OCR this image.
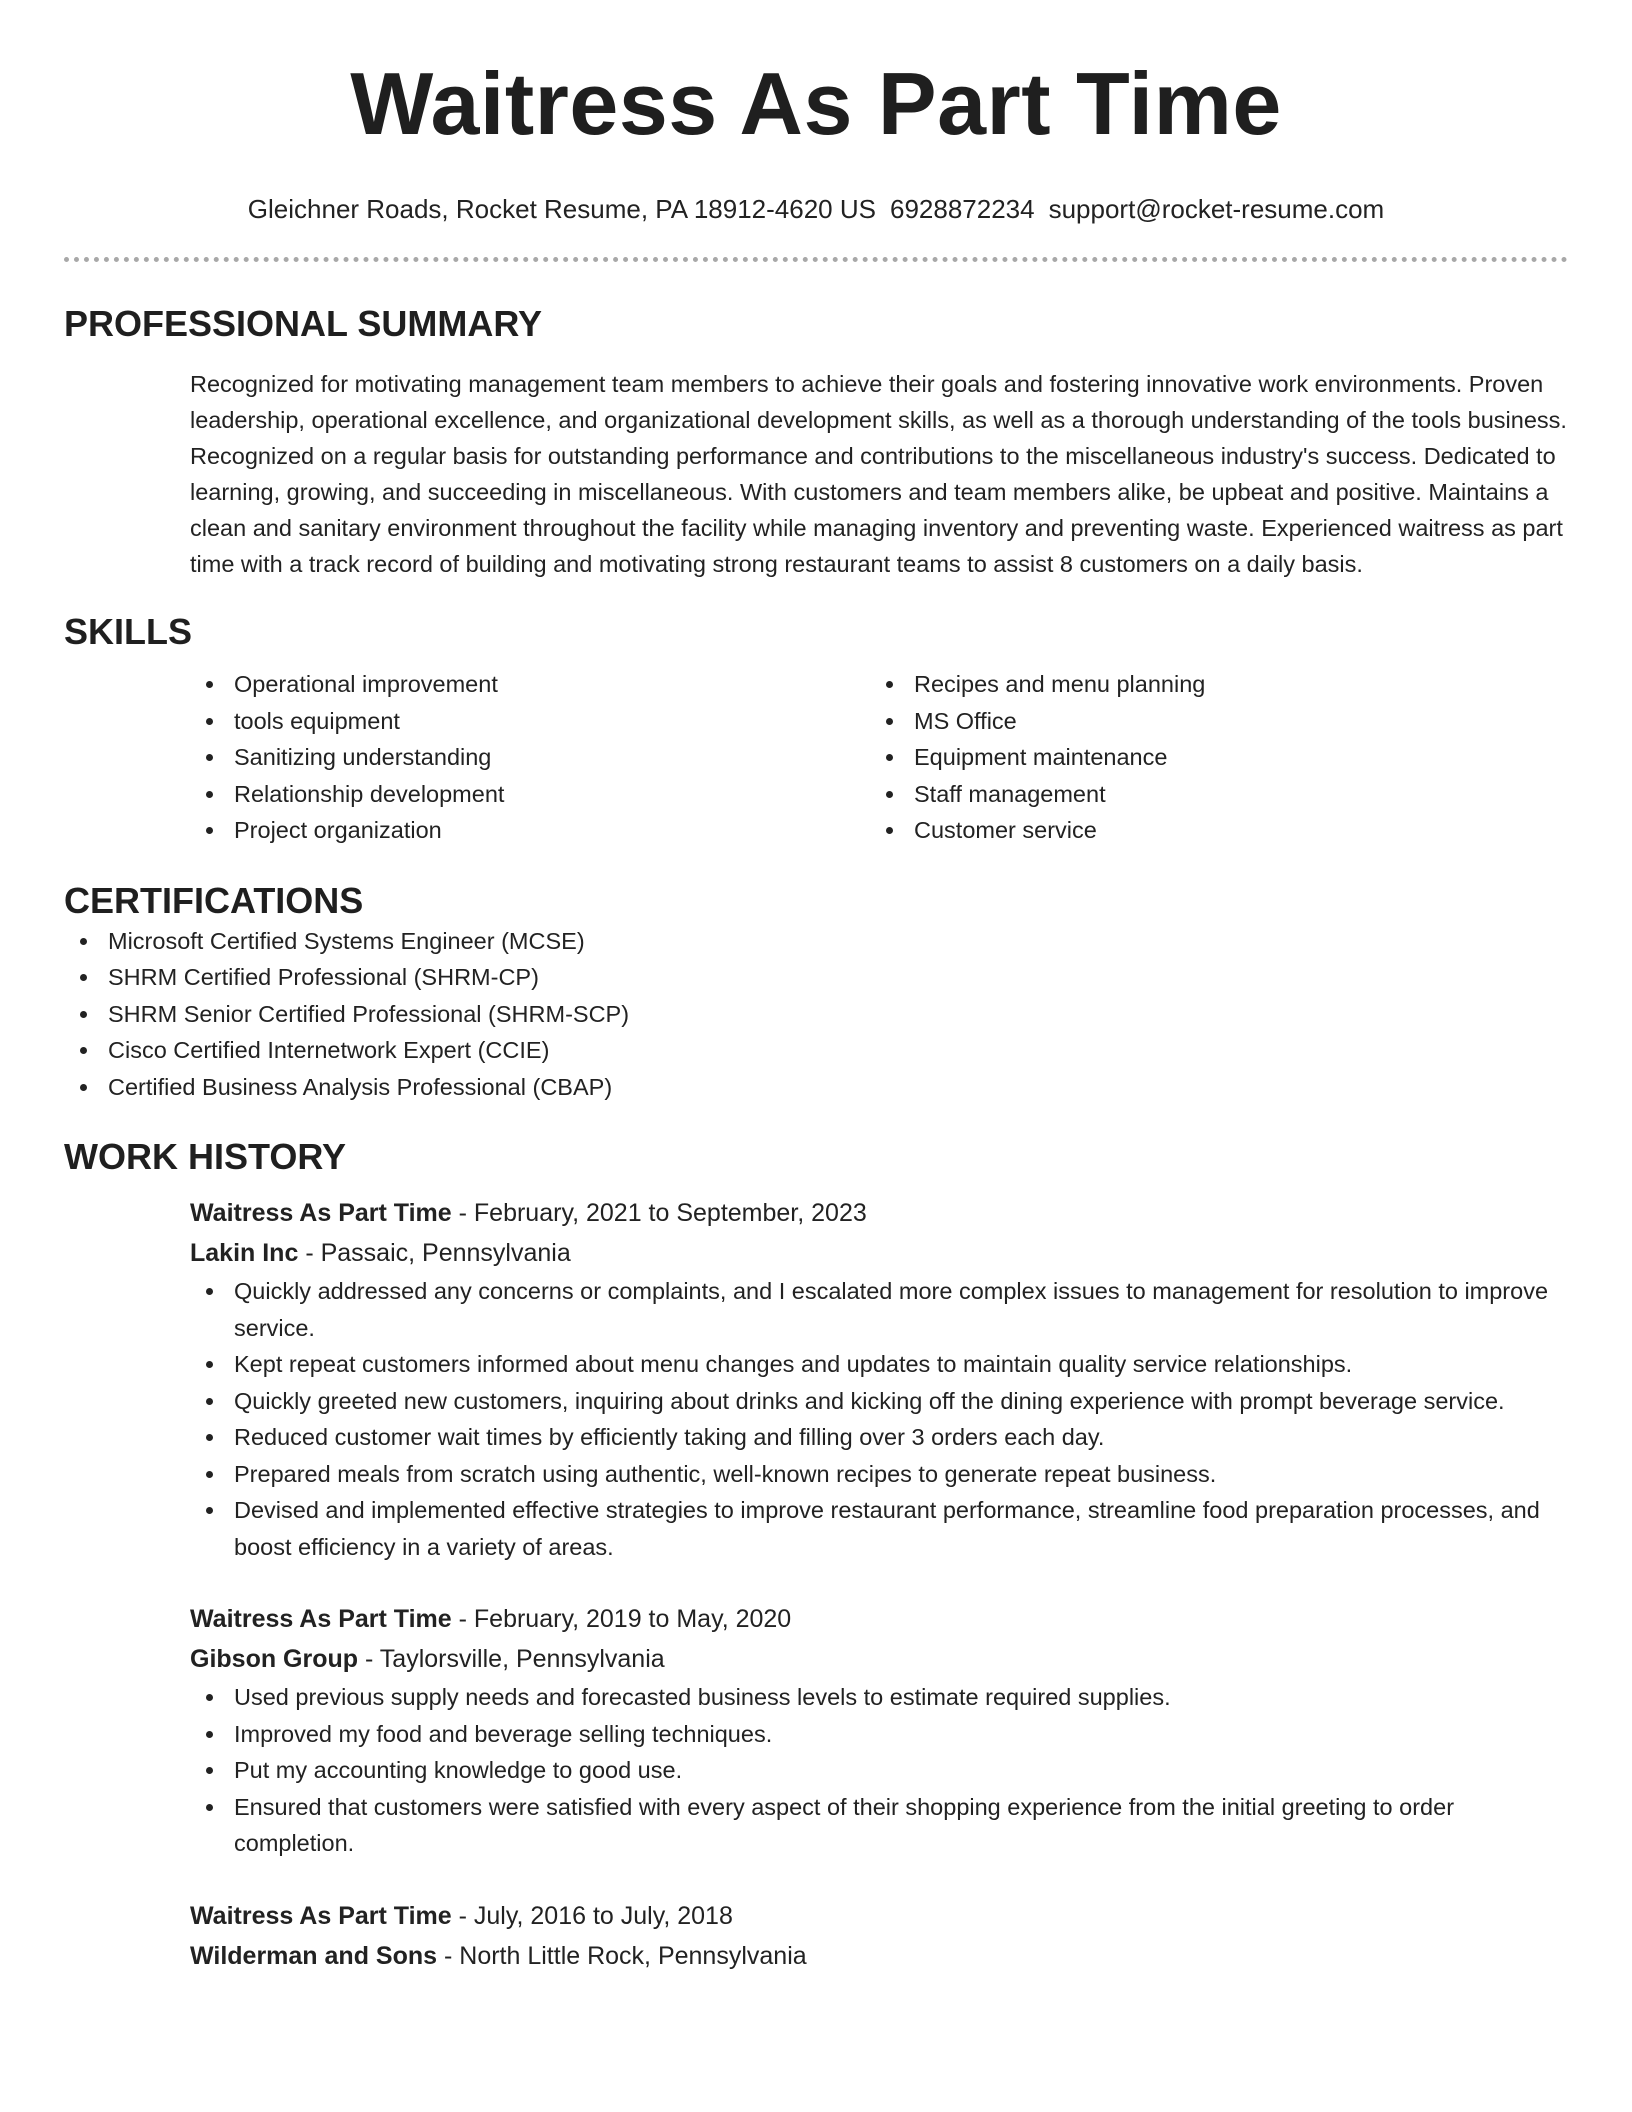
Waitress As Part Time
Gleichner Roads, Rocket Resume, PA 18912-4620 US 6928872234 support@rocket-resume.com
PROFESSIONAL SUMMARY

Recognized for motivating management team members to achieve their goals and fostering innovative work environments. Proven leadership, operational excellence, and organizational development skills, as well as a thorough understanding of the tools business. Recognized on a regular basis for outstanding performance and contributions to the miscellaneous industry's success. Dedicated to learning, growing, and succeeding in miscellaneous. With customers and team members alike, be upbeat and positive. Maintains a clean and sanitary environment throughout the facility while managing inventory and preventing waste. Experienced waitress as part time with a track record of building and motivating strong restaurant teams to assist 8 customers on a daily basis.

SKILLS
Operational improvement
tools equipment
Sanitizing understanding
Relationship development
Project organization
Recipes and menu planning
MS Office
Equipment maintenance
Staff management
Customer service
CERTIFICATIONS
Microsoft Certified Systems Engineer (MCSE)
SHRM Certified Professional (SHRM-CP)
SHRM Senior Certified Professional (SHRM-SCP)
Cisco Certified Internetwork Expert (CCIE)
Certified Business Analysis Professional (CBAP)
WORK HISTORY
Waitress As Part Time - February, 2021 to September, 2023
Lakin Inc - Passaic, Pennsylvania
Quickly addressed any concerns or complaints, and I escalated more complex issues to management for resolution to improve service.
Kept repeat customers informed about menu changes and updates to maintain quality service relationships.
Quickly greeted new customers, inquiring about drinks and kicking off the dining experience with prompt beverage service.
Reduced customer wait times by efficiently taking and filling over 3 orders each day.
Prepared meals from scratch using authentic, well-known recipes to generate repeat business.
Devised and implemented effective strategies to improve restaurant performance, streamline food preparation processes, and boost efficiency in a variety of areas.
Waitress As Part Time - February, 2019 to May, 2020
Gibson Group - Taylorsville, Pennsylvania
Used previous supply needs and forecasted business levels to estimate required supplies.
Improved my food and beverage selling techniques.
Put my accounting knowledge to good use.
Ensured that customers were satisfied with every aspect of their shopping experience from the initial greeting to order completion.
Waitress As Part Time - July, 2016 to July, 2018
Wilderman and Sons - North Little Rock, Pennsylvania
